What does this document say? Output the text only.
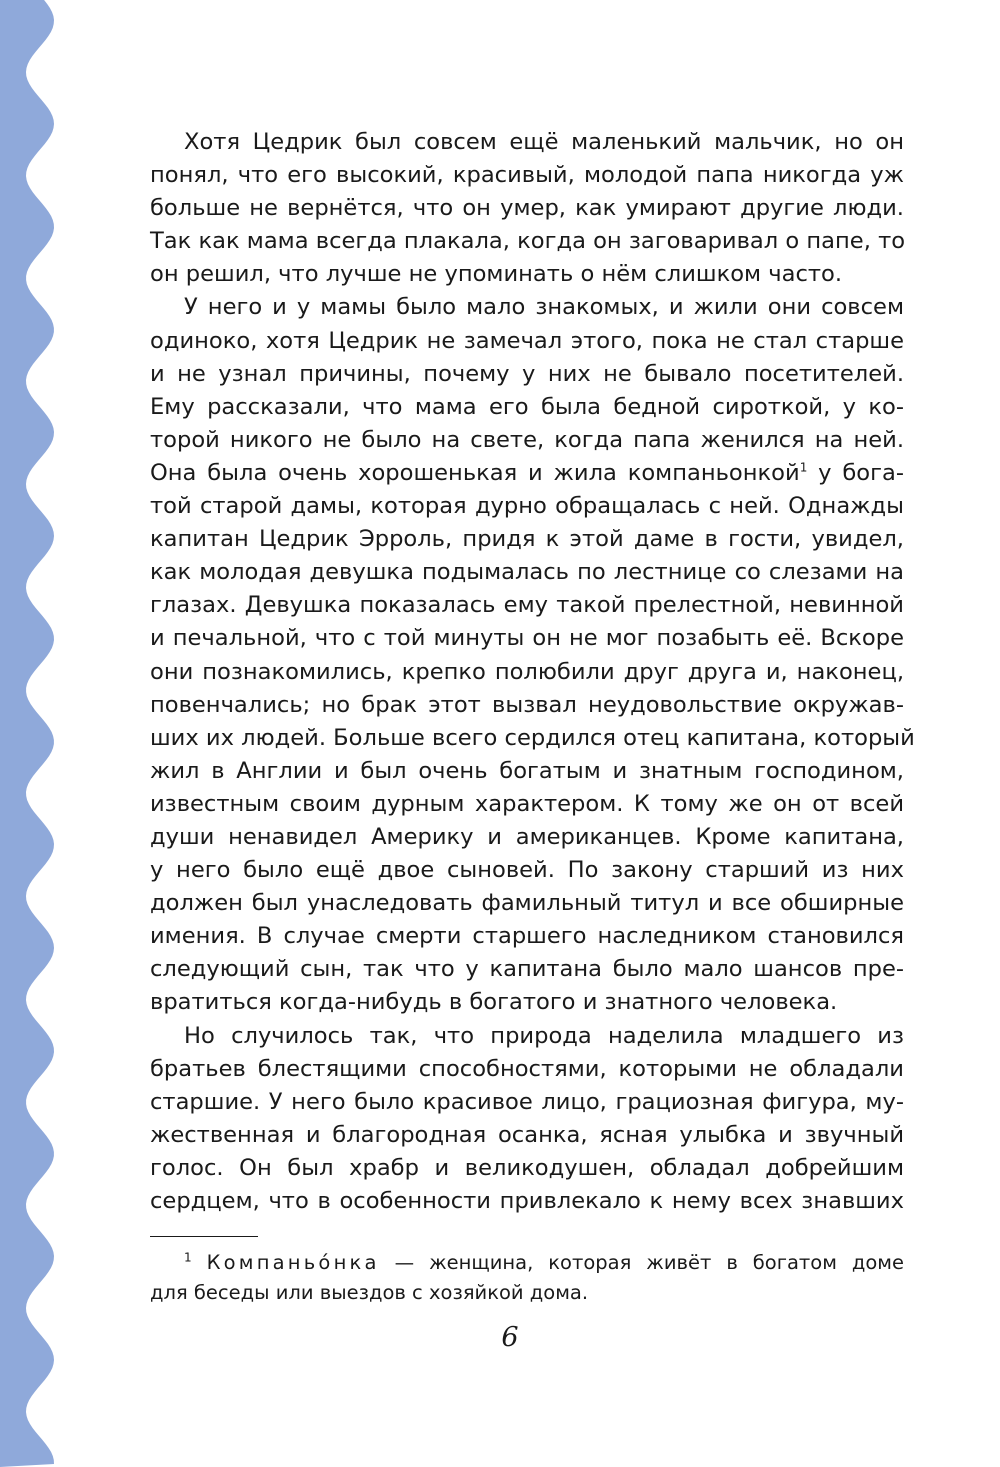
Хотя Цедрик был совсем ещё маленький мальчик, но он
понял, что его высокий, красивый, молодой папа никогда уж
больше не вернётся, что он умер, как умирают другие люди.
Так как мама всегда плакала, когда он заговаривал о папе, то
он решил, что лучше не упоминать о нём слишком часто.
У него и у мамы было мало знакомых, и жили они совсем
одиноко, хотя Цедрик не замечал этого, пока не стал старше
и не узнал причины, почему у них не бывало посетителей.
Ему рассказали, что мама его была бедной сироткой, у ко-
торой никого не было на свете, когда папа женился на ней.
Она была очень хорошенькая и жила компаньонкой$^1$ у бога-
той старой дамы, которая дурно обращалась с ней. Однажды
капитан Цедрик Эрроль, придя к этой даме в гости, увидел,
как молодая девушка подымалась по лестнице со слезами на
глазах. Девушка показалась ему такой прелестной, невинной
и печальной, что с той минуты он не мог позабыть её. Вскоре
они познакомились, крепко полюбили друг друга и, наконец,
повенчались; но брак этот вызвал неудовольствие окружав-
ших их людей. Больше всего сердился отец капитана, который
жил в Англии и был очень богатым и знатным господином,
известным своим дурным характером. К тому же он от всей
души ненавидел Америку и американцев. Кроме капитана,
у него было ещё двое сыновей. По закону старший из них
должен был унаследовать фамильный титул и все обширные
имения. В случае смерти старшего наследником становился
следующий сын, так что у капитана было мало шансов пре-
вратиться когда-нибудь в богатого и знатного человека.
Но случилось так, что природа наделила младшего из
братьев блестящими способностями, которыми не обладали
старшие. У него было красивое лицо, грациозная фигура, му-
жественная и благородная осанка, ясная улыбка и звучный
голос. Он был храбр и великодушен, обладал добрейшим
сердцем, что в особенности привлекало к нему всех знавших
$^1$ Компаньóнка — женщина, которая живёт в богатом доме
для беседы или выездов с хозяйкой дома.
6
